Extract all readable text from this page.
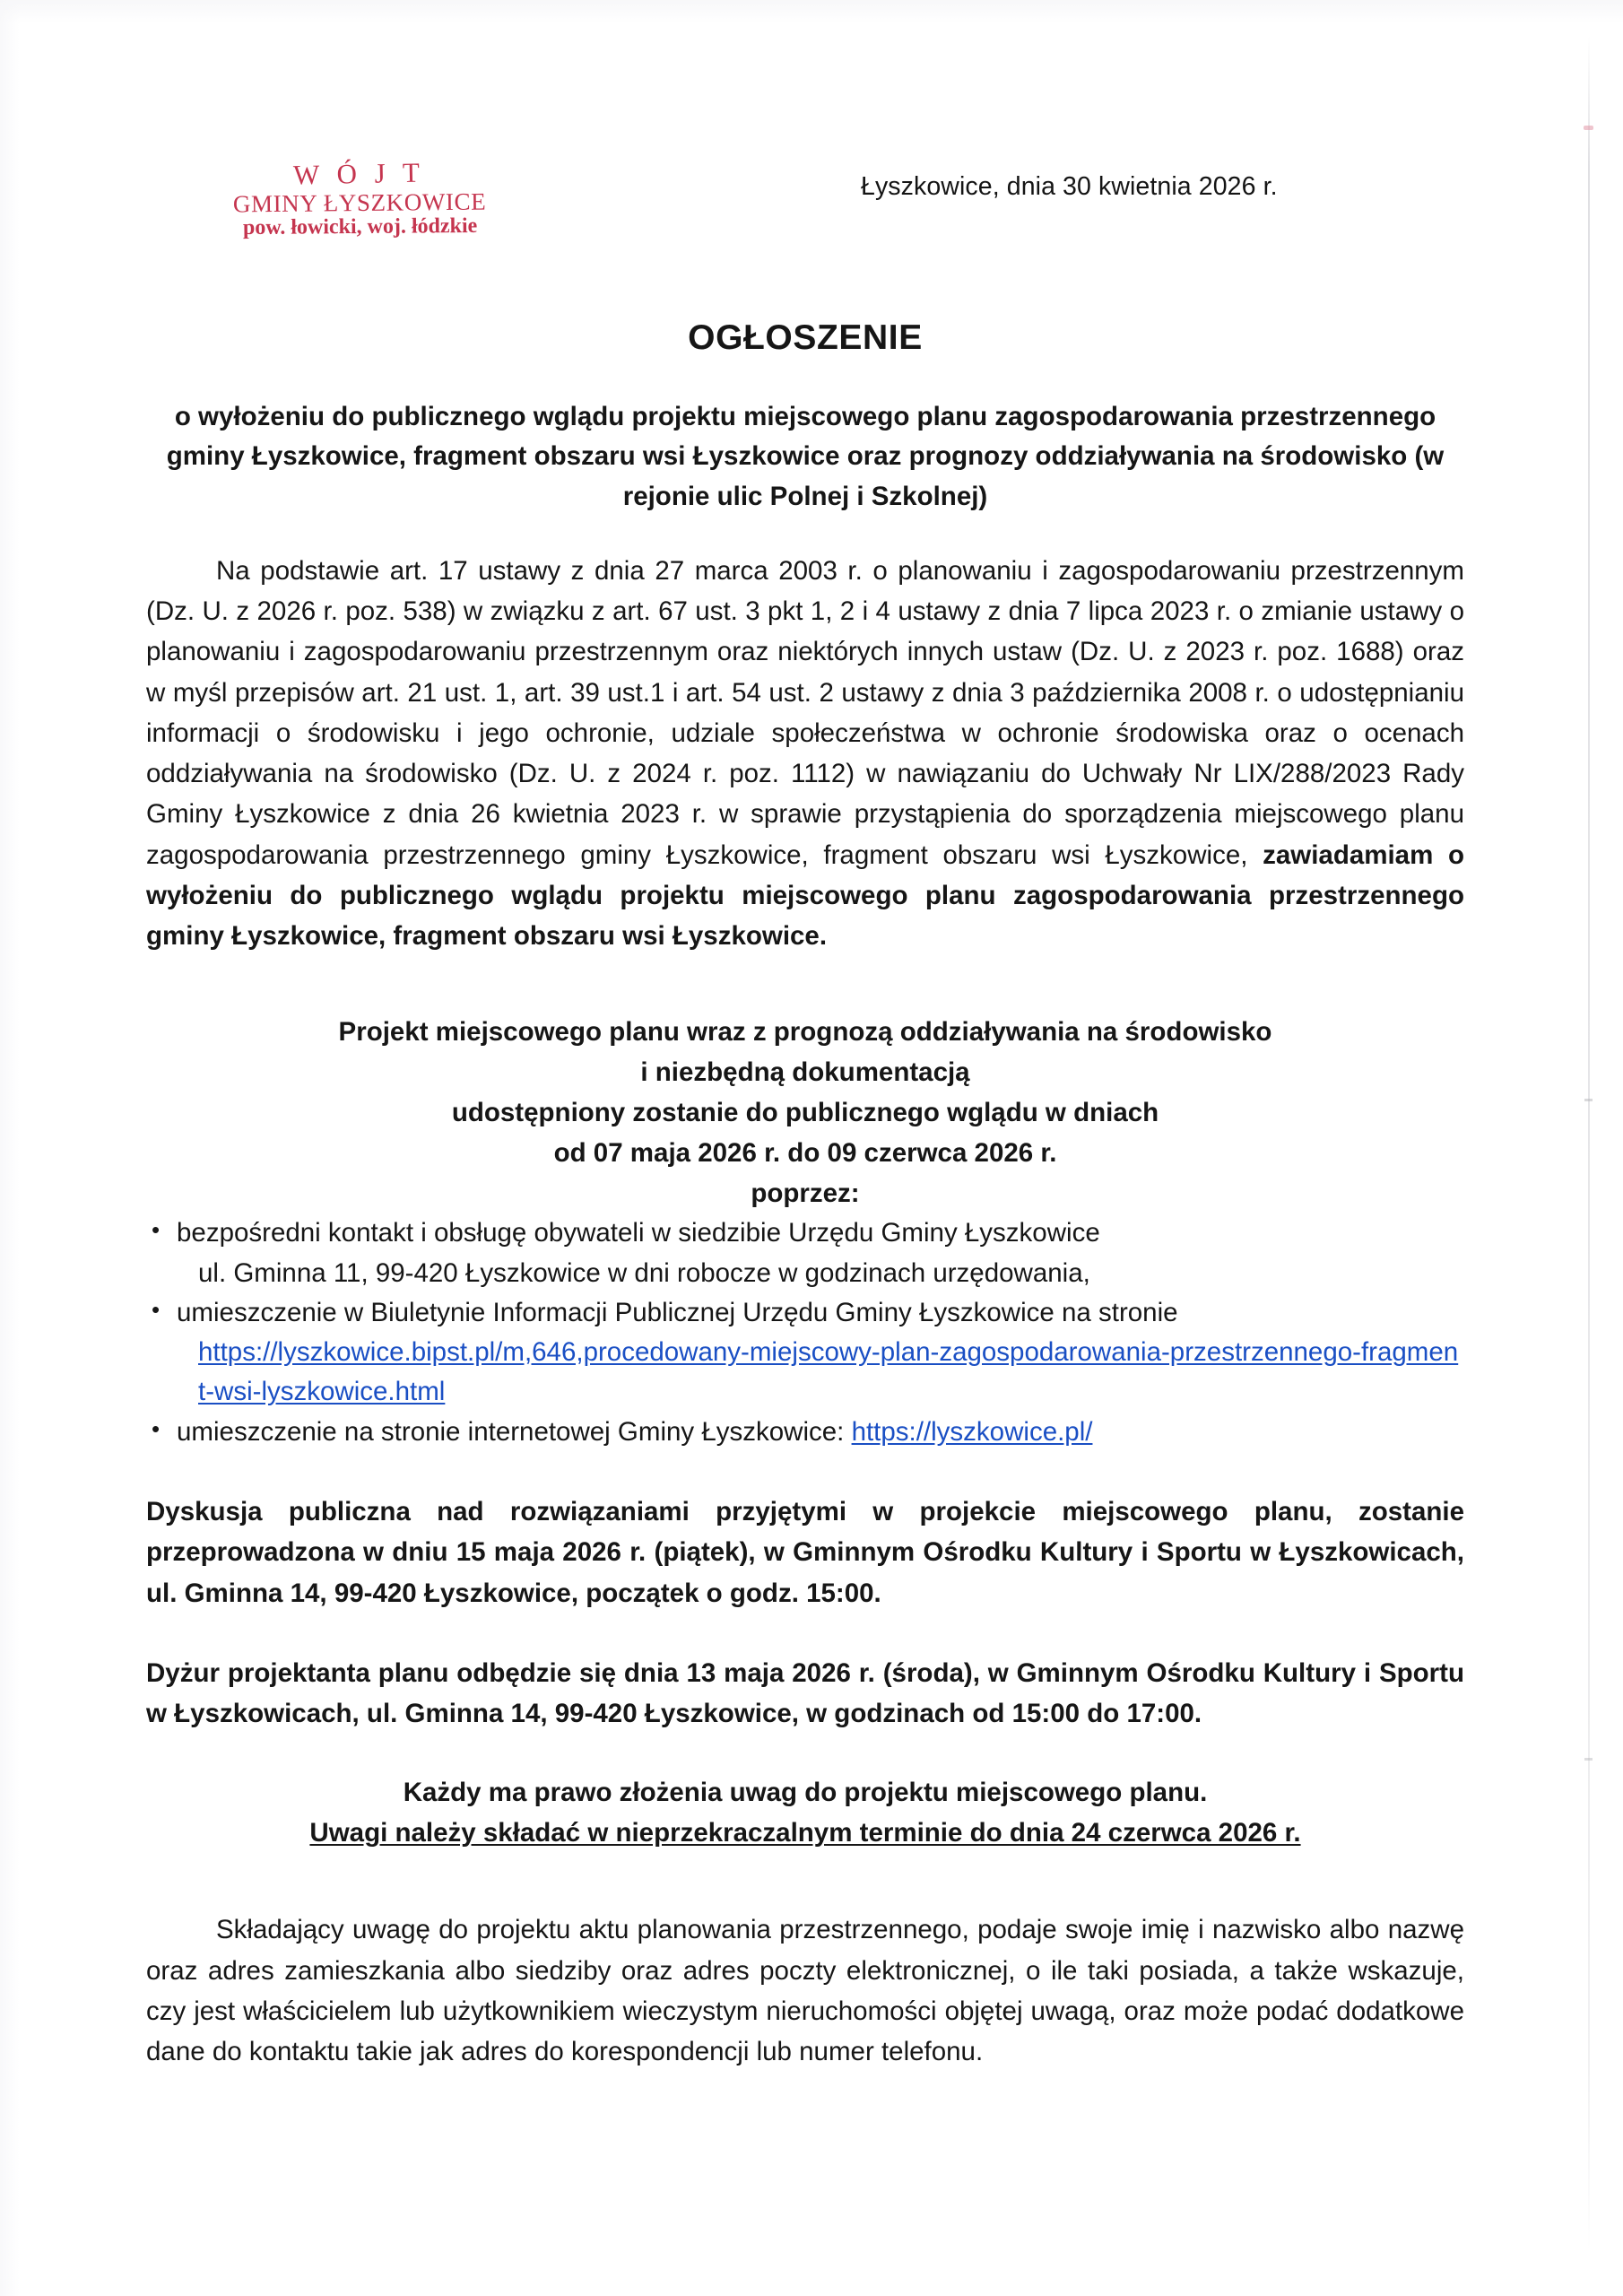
W Ó J T
GMINY ŁYSZKOWICE
pow. łowicki, woj. łódzkie
Łyszkowice, dnia 30 kwietnia 2026 r.
OGŁOSZENIE
o wyłożeniu do publicznego wglądu projektu miejscowego planu zagospodarowania przestrzennego gminy Łyszkowice, fragment obszaru wsi Łyszkowice oraz prognozy oddziaływania na środowisko (w rejonie ulic Polnej i Szkolnej)

Na podstawie art. 17 ustawy z dnia 27 marca 2003 r. o planowaniu i zagospodarowaniu przestrzennym (Dz. U. z 2026 r. poz. 538) w związku z art. 67 ust. 3 pkt 1, 2 i 4 ustawy z dnia 7 lipca 2023 r. o zmianie ustawy o planowaniu i zagospodarowaniu przestrzennym oraz niektórych innych ustaw (Dz. U. z 2023 r. poz. 1688) oraz w myśl przepisów art. 21 ust. 1, art. 39 ust.1 i art. 54 ust. 2 ustawy z dnia 3 października 2008 r. o udostępnianiu informacji o środowisku i jego ochronie, udziale społeczeństwa w ochronie środowiska oraz o ocenach oddziaływania na środowisko (Dz. U. z 2024 r. poz. 1112) w nawiązaniu do Uchwały Nr LIX/288/2023 Rady Gminy Łyszkowice z dnia 26 kwietnia 2023 r. w sprawie przystąpienia do sporządzenia miejscowego planu zagospodarowania przestrzennego gminy Łyszkowice, fragment obszaru wsi Łyszkowice, zawiadamiam o wyłożeniu do publicznego wglądu projektu miejscowego planu zagospodarowania przestrzennego gminy Łyszkowice, fragment obszaru wsi Łyszkowice.

Projekt miejscowego planu wraz z prognozą oddziaływania na środowisko
i niezbędną dokumentacją
udostępniony zostanie do publicznego wglądu w dniach
od 07 maja 2026 r. do 09 czerwca 2026 r.
poprzez:
• bezpośredni kontakt i obsługę obywateli w siedzibie Urzędu Gminy Łyszkowice
ul. Gminna 11, 99-420 Łyszkowice w dni robocze w godzinach urzędowania,
• umieszczenie w Biuletynie Informacji Publicznej Urzędu Gminy Łyszkowice na stronie
https://lyszkowice.bipst.pl/m,646,procedowany-miejscowy-plan-zagospodarowania-przestrzennego-fragment-wsi-lyszkowice.html
• umieszczenie na stronie internetowej Gminy Łyszkowice: https://lyszkowice.pl/

Dyskusja publiczna nad rozwiązaniami przyjętymi w projekcie miejscowego planu, zostanie przeprowadzona w dniu 15 maja 2026 r. (piątek), w Gminnym Ośrodku Kultury i Sportu w Łyszkowicach, ul. Gminna 14, 99-420 Łyszkowice, początek o godz. 15:00.

Dyżur projektanta planu odbędzie się dnia 13 maja 2026 r. (środa), w Gminnym Ośrodku Kultury i Sportu w Łyszkowicach, ul. Gminna 14, 99-420 Łyszkowice, w godzinach od 15:00 do 17:00.

Każdy ma prawo złożenia uwag do projektu miejscowego planu.
Uwagi należy składać w nieprzekraczalnym terminie do dnia 24 czerwca 2026 r.

Składający uwagę do projektu aktu planowania przestrzennego, podaje swoje imię i nazwisko albo nazwę oraz adres zamieszkania albo siedziby oraz adres poczty elektronicznej, o ile taki posiada, a także wskazuje, czy jest właścicielem lub użytkownikiem wieczystym nieruchomości objętej uwagą, oraz może podać dodatkowe dane do kontaktu takie jak adres do korespondencji lub numer telefonu.
